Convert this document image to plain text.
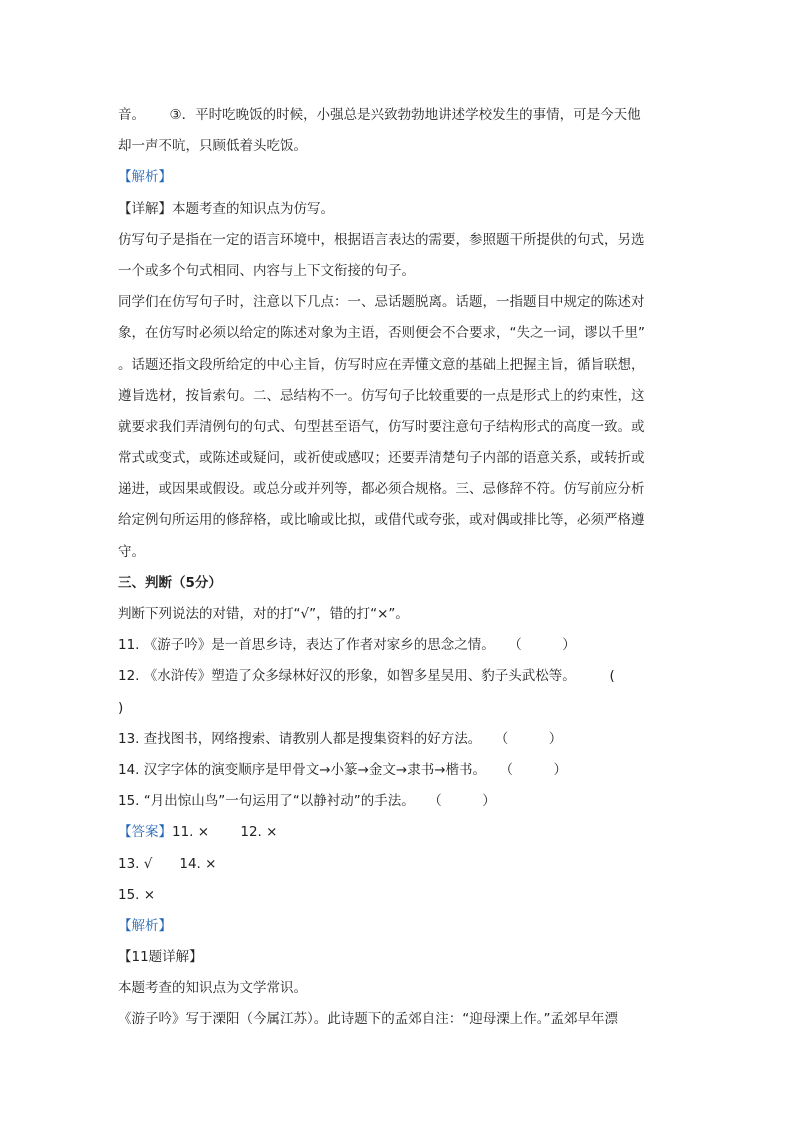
音。　　 ③．平时吃晚饭的时候，小强总是兴致勃勃地讲述学校发生的事情，可是今天他
却一声不吭，只顾低着头吃饭。
【解析】
【详解】本题考查的知识点为仿写。
仿写句子是指在一定的语言环境中，根据语言表达的需要，参照题干所提供的句式，另选
一个或多个句式相同、内容与上下文衔接的句子。
同学们在仿写句子时，注意以下几点：一、忌话题脱离。话题，一指题目中规定的陈述对
象，在仿写时必须以给定的陈述对象为主语，否则便会不合要求，“失之一词，谬以千里”
。话题还指文段所给定的中心主旨，仿写时应在弄懂文意的基础上把握主旨，循旨联想，
遵旨选材，按旨索句。二、忌结构不一。仿写句子比较重要的一点是形式上的约束性，这
就要求我们弄清例句的句式、句型甚至语气，仿写时要注意句子结构形式的高度一致。或
常式或变式，或陈述或疑问，或祈使或感叹；还要弄清楚句子内部的语意关系，或转折或
递进，或因果或假设。或总分或并列等，都必须合规格。三、忌修辞不符。仿写前应分析
给定例句所运用的修辞格，或比喻或比拟，或借代或夸张，或对偶或排比等，必须严格遵
守。
三、判断（5分）
判断下列说法的对错，对的打“√”，错的打“×”。
11. 《游子吟》是一首思乡诗，表达了作者对家乡的思念之情。　　（　　　）
12. 《水浒传》塑造了众多绿林好汉的形象，如智多星吴用、豹子头武松等。　　　(
)
13. 查找图书，网络搜索、请教别人都是搜集资料的好方法。　　（　　　）
14. 汉字字体的演变顺序是甲骨文→小篆→金文→隶书→楷书。　　（　　　）
15. “月出惊山鸟”一句运用了“以静衬动”的手法。　　（　　　）
【答案】11. ×　　 12. ×
13. √　　14. ×
15. ×
【解析】
【11题详解】
本题考查的知识点为文学常识。
《游子吟》写于溧阳（今属江苏）。此诗题下的孟郊自注：“迎母溧上作。”孟郊早年漂
